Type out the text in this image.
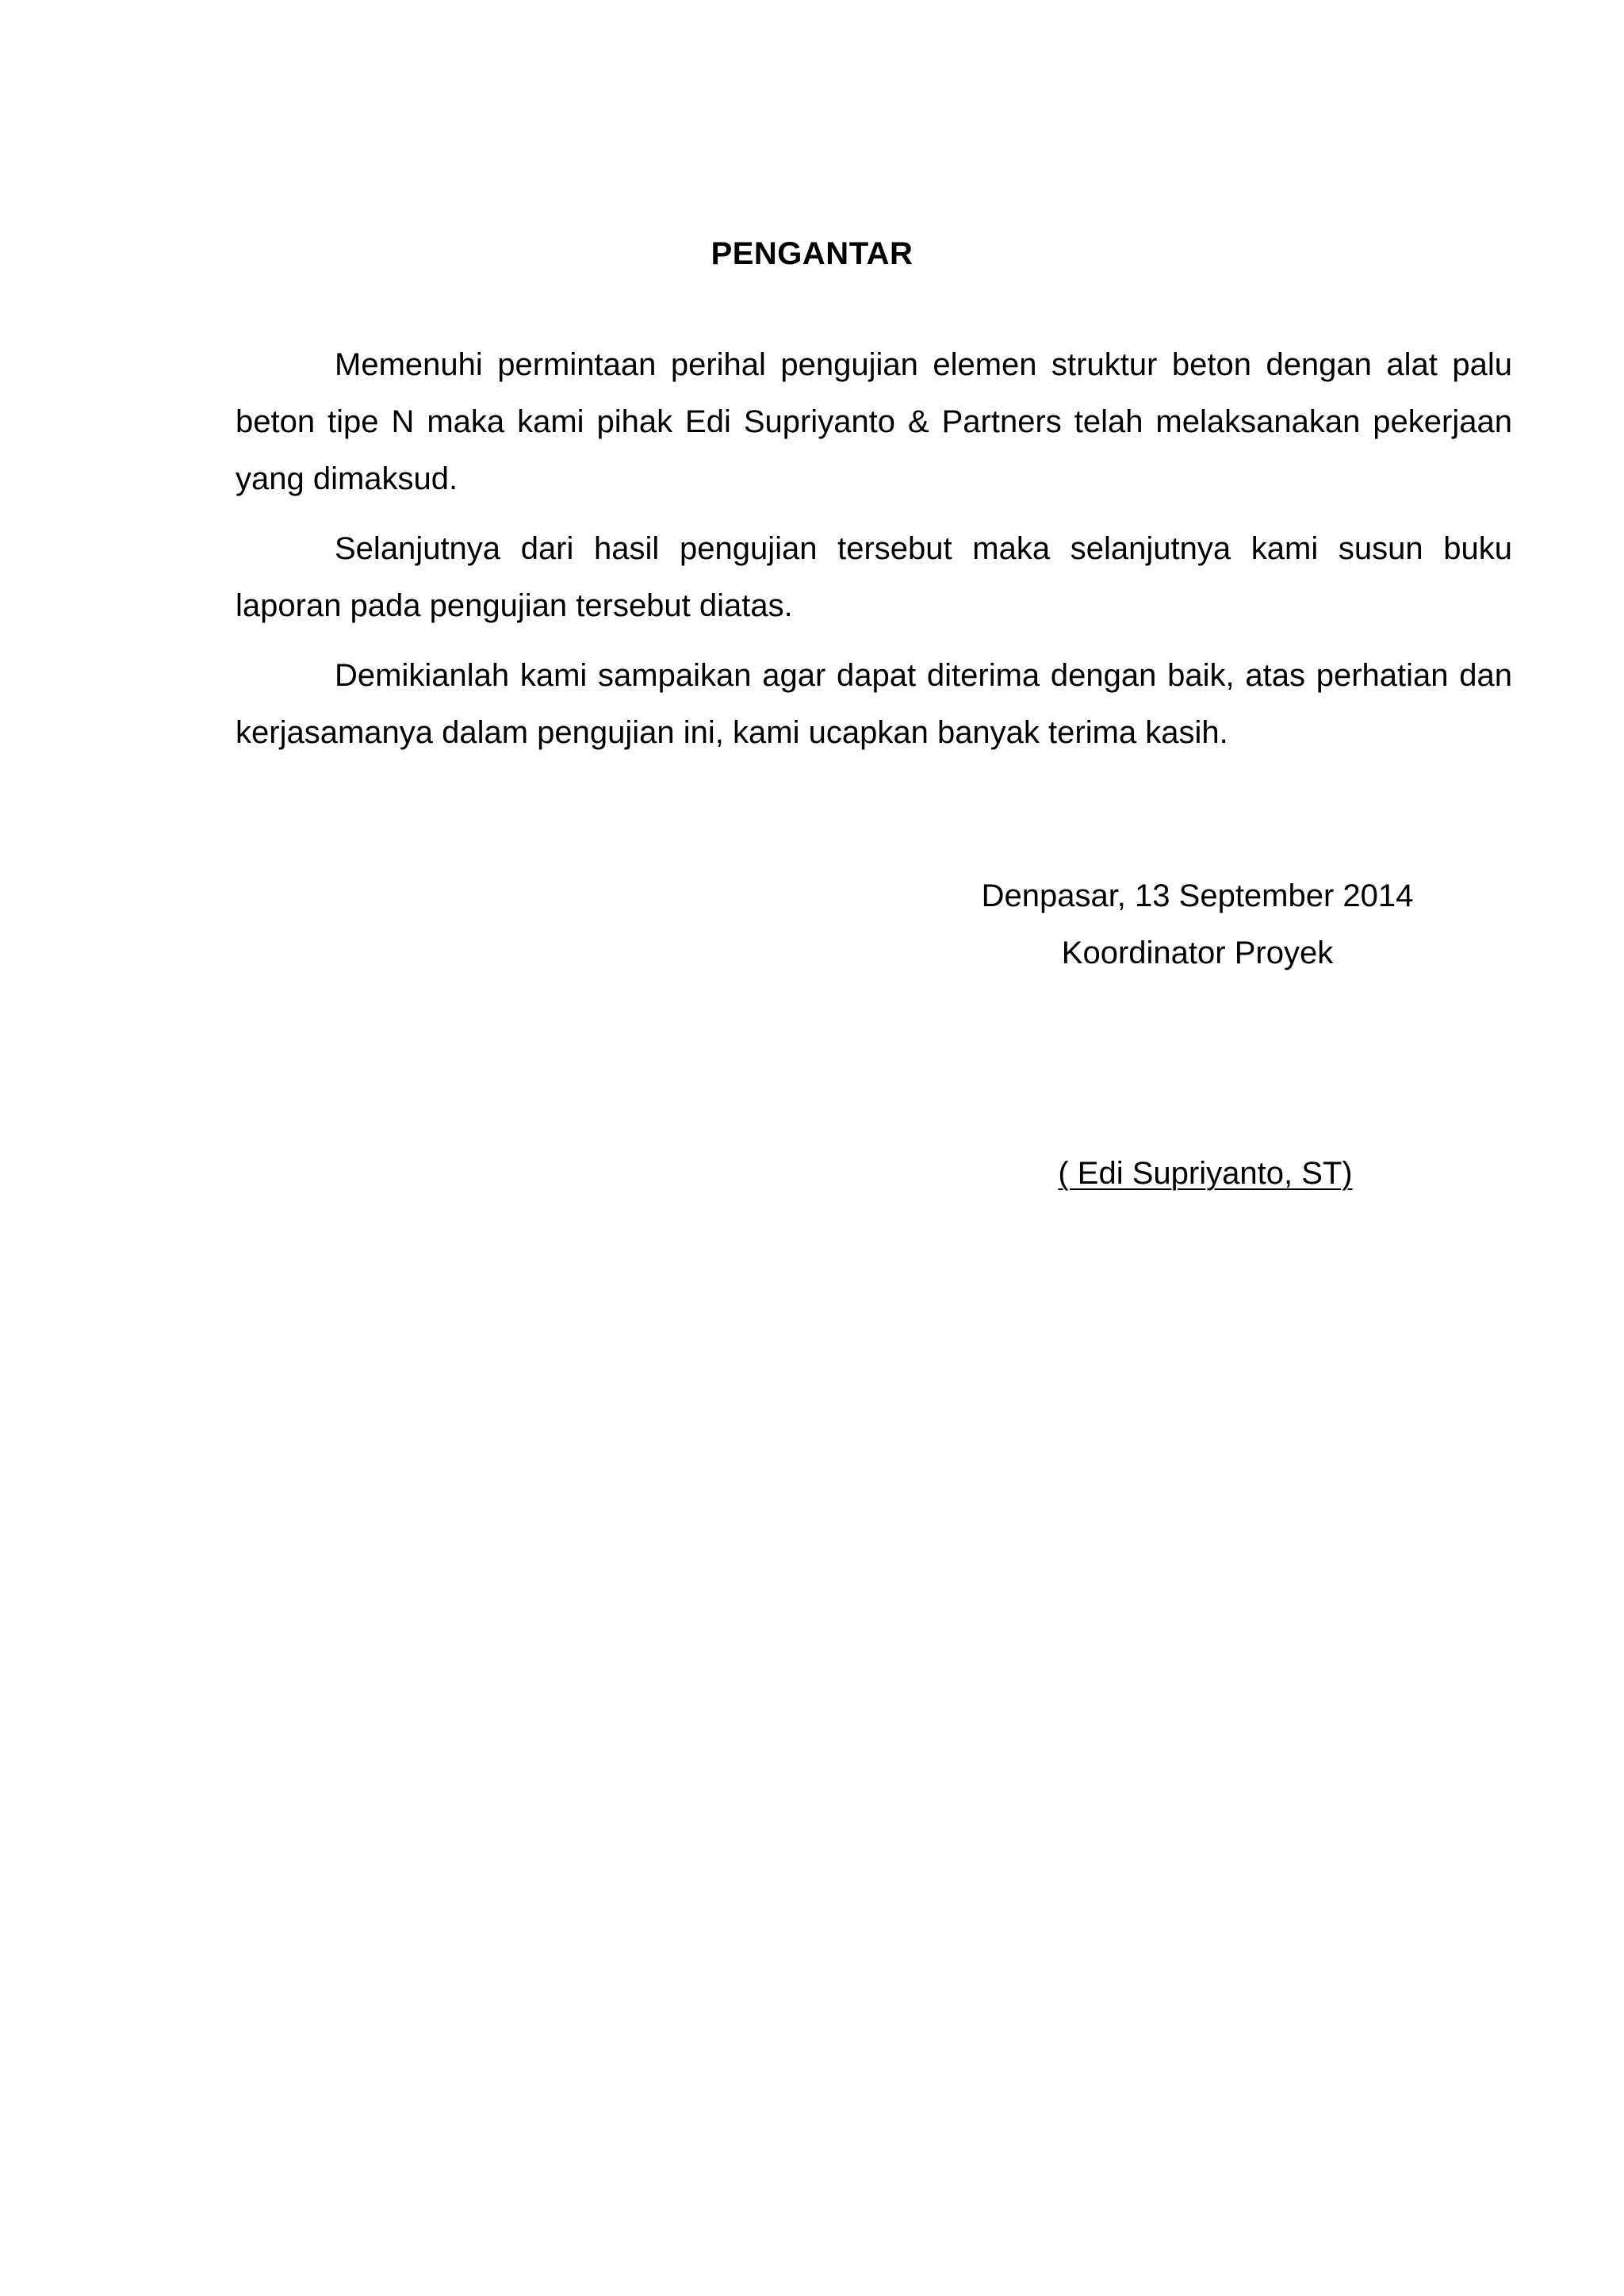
PENGANTAR

Memenuhi permintaan perihal pengujian elemen struktur beton dengan alat palu beton tipe N maka kami pihak Edi Supriyanto & Partners telah melaksanakan pekerjaan yang dimaksud.

Selanjutnya dari hasil pengujian tersebut maka selanjutnya kami susun buku laporan pada pengujian tersebut diatas.

Demikianlah kami sampaikan agar dapat diterima dengan baik, atas perhatian dan kerjasamanya dalam pengujian ini, kami ucapkan banyak terima kasih.

Denpasar, 13 September 2014
Koordinator Proyek
( Edi Supriyanto, ST)
